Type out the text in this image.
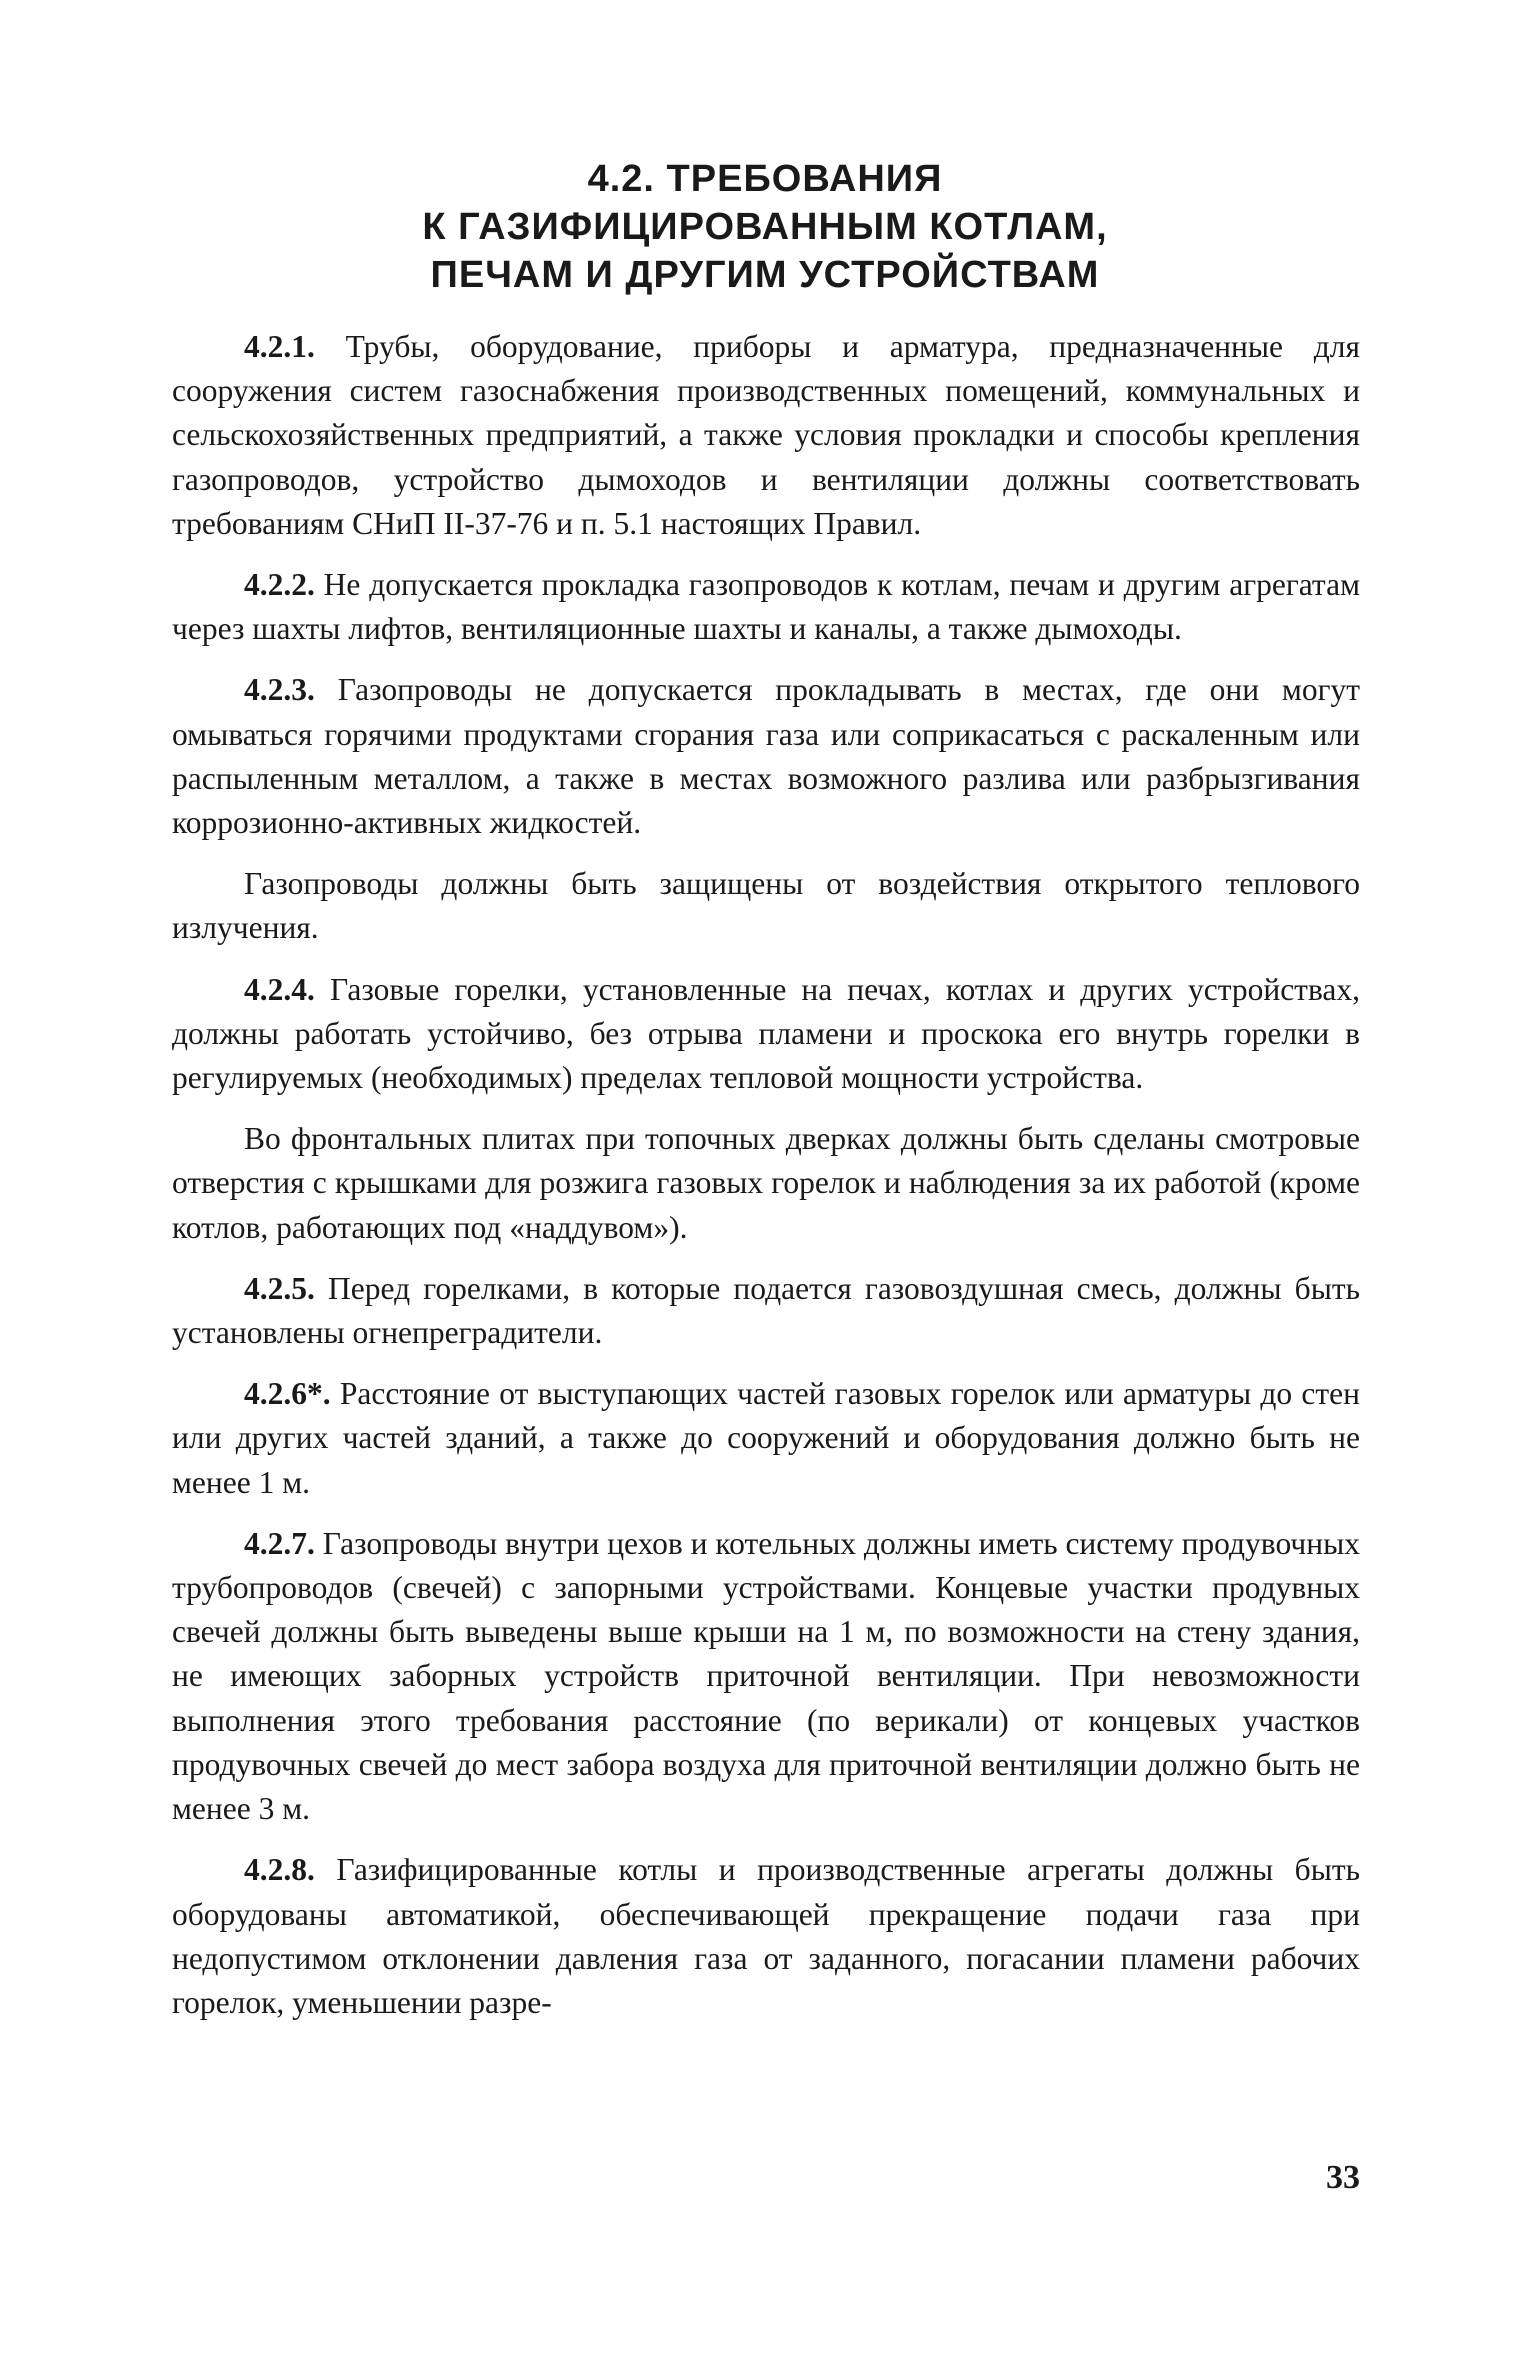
4.2. ТРЕБОВАНИЯ
К ГАЗИФИЦИРОВАННЫМ КОТЛАМ,
ПЕЧАМ И ДРУГИМ УСТРОЙСТВАМ

4.2.1. Трубы, оборудование, приборы и арматура, предназначенные для сооружения систем газоснабжения производственных помещений, коммунальных и сельскохозяйственных предприятий, а также условия прокладки и способы крепления газопроводов, устройство дымоходов и вентиляции должны соответствовать требованиям СНиП II-37-76 и п. 5.1 настоящих Правил.

4.2.2. Не допускается прокладка газопроводов к котлам, печам и другим агрегатам через шахты лифтов, вентиляционные шахты и каналы, а также дымоходы.

4.2.3. Газопроводы не допускается прокладывать в местах, где они могут омываться горячими продуктами сгорания газа или соприкасаться с раскаленным или распыленным металлом, а также в местах возможного разлива или разбрызгивания коррозионно-активных жидкостей.

Газопроводы должны быть защищены от воздействия открытого теплового излучения.

4.2.4. Газовые горелки, установленные на печах, котлах и других устройствах, должны работать устойчиво, без отрыва пламени и проскока его внутрь горелки в регулируемых (необходимых) пределах тепловой мощности устройства.

Во фронтальных плитах при топочных дверках должны быть сделаны смотровые отверстия с крышками для розжига газовых горелок и наблюдения за их работой (кроме котлов, работающих под «наддувом»).

4.2.5. Перед горелками, в которые подается газовоздушная смесь, должны быть установлены огнепреградители.

4.2.6*. Расстояние от выступающих частей газовых горелок или арматуры до стен или других частей зданий, а также до сооружений и оборудования должно быть не менее 1 м.

4.2.7. Газопроводы внутри цехов и котельных должны иметь систему продувочных трубопроводов (свечей) с запорными устройствами. Концевые участки продувных свечей должны быть выведены выше крыши на 1 м, по возможности на стену здания, не имеющих заборных устройств приточной вентиляции. При невозможности выполнения этого требования расстояние (по верикали) от концевых участков продувочных свечей до мест забора воздуха для приточной вентиляции должно быть не менее 3 м.

4.2.8. Газифицированные котлы и производственные агрегаты должны быть оборудованы автоматикой, обеспечивающей прекращение подачи газа при недопустимом отклонении давления газа от заданного, погасании пламени рабочих горелок, уменьшении разре-

33
